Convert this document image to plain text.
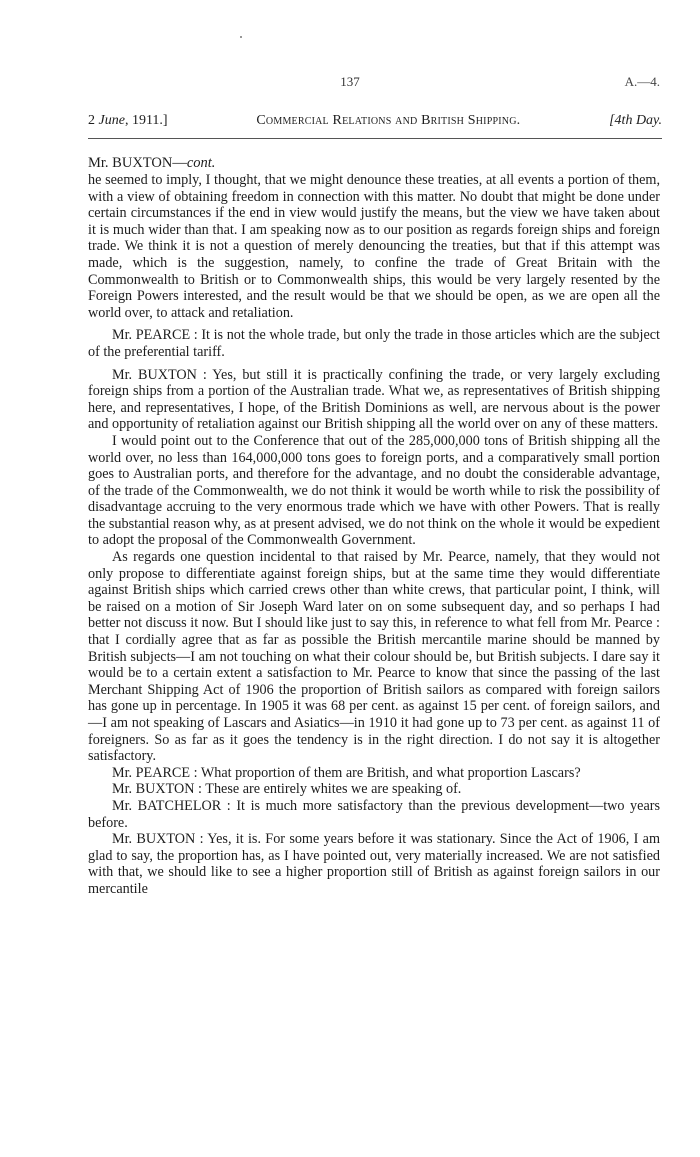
137	A.—4.
2 June, 1911.]	Commercial Relations and British Shipping.	[4th Day.
Mr. BUXTON—cont.

he seemed to imply, I thought, that we might denounce these treaties, at all events a portion of them, with a view of obtaining freedom in connection with this matter. No doubt that might be done under certain circumstances if the end in view would justify the means, but the view we have taken about it is much wider than that. I am speaking now as to our position as regards foreign ships and foreign trade. We think it is not a question of merely denouncing the treaties, but that if this attempt was made, which is the suggestion, namely, to confine the trade of Great Britain with the Commonwealth to British or to Commonwealth ships, this would be very largely resented by the Foreign Powers interested, and the result would be that we should be open, as we are open all the world over, to attack and retaliation.

Mr. PEARCE : It is not the whole trade, but only the trade in those articles which are the subject of the preferential tariff.

Mr. BUXTON : Yes, but still it is practically confining the trade, or very largely excluding foreign ships from a portion of the Australian trade. What we, as representatives of British shipping here, and representatives, I hope, of the British Dominions as well, are nervous about is the power and opportunity of retaliation against our British shipping all the world over on any of these matters.

I would point out to the Conference that out of the 285,000,000 tons of British shipping all the world over, no less than 164,000,000 tons goes to foreign ports, and a comparatively small portion goes to Australian ports, and therefore for the advantage, and no doubt the considerable advantage, of the trade of the Commonwealth, we do not think it would be worth while to risk the possibility of disadvantage accruing to the very enormous trade which we have with other Powers. That is really the substantial reason why, as at present advised, we do not think on the whole it would be expedient to adopt the proposal of the Commonwealth Government.

As regards one question incidental to that raised by Mr. Pearce, namely, that they would not only propose to differentiate against foreign ships, but at the same time they would differentiate against British ships which carried crews other than white crews, that particular point, I think, will be raised on a motion of Sir Joseph Ward later on on some subsequent day, and so perhaps I had better not discuss it now. But I should like just to say this, in reference to what fell from Mr. Pearce : that I cordially agree that as far as possible the British mercantile marine should be manned by British subjects—I am not touching on what their colour should be, but British subjects. I dare say it would be to a certain extent a satisfaction to Mr. Pearce to know that since the passing of the last Merchant Shipping Act of 1906 the proportion of British sailors as compared with foreign sailors has gone up in percentage. In 1905 it was 68 per cent. as against 15 per cent. of foreign sailors, and—I am not speaking of Lascars and Asiatics—in 1910 it had gone up to 73 per cent. as against 11 of foreigners. So as far as it goes the tendency is in the right direction. I do not say it is altogether satisfactory.

Mr. PEARCE : What proportion of them are British, and what proportion Lascars?

Mr. BUXTON : These are entirely whites we are speaking of.

Mr. BATCHELOR : It is much more satisfactory than the previous development—two years before.

Mr. BUXTON : Yes, it is. For some years before it was stationary. Since the Act of 1906, I am glad to say, the proportion has, as I have pointed out, very materially increased. We are not satisfied with that, we should like to see a higher proportion still of British as against foreign sailors in our mercantile
